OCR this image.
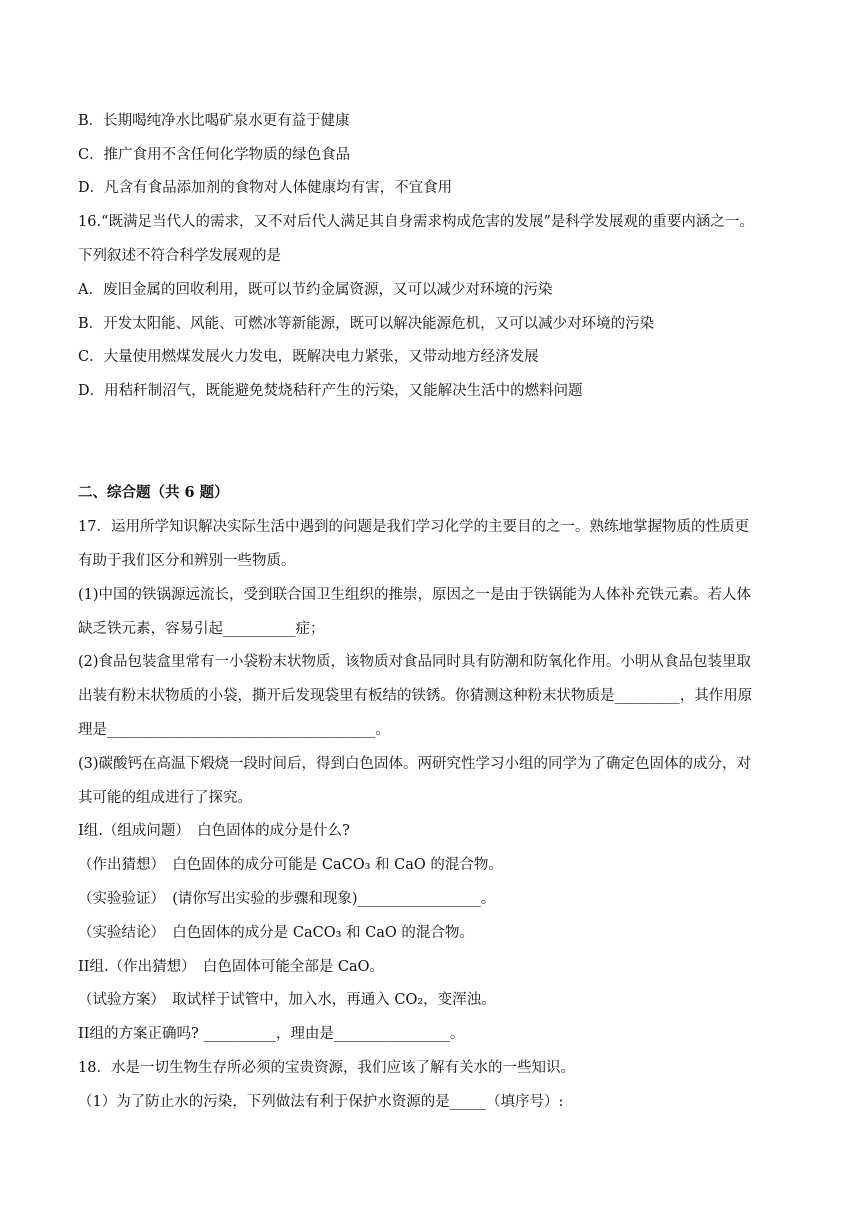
B．长期喝纯净水比喝矿泉水更有益于健康
C．推广食用不含任何化学物质的绿色食品
D．凡含有食品添加剂的食物对人体健康均有害，不宜食用
16.“既满足当代人的需求，又不对后代人满足其自身需求构成危害的发展”是科学发展观的重要内涵之一。
下列叙述不符合科学发展观的是
A．废旧金属的回收利用，既可以节约金属资源，又可以减少对环境的污染
B．开发太阳能、风能、可燃冰等新能源，既可以解决能源危机，又可以减少对环境的污染
C．大量使用燃煤发展火力发电，既解决电力紧张，又带动地方经济发展
D．用秸秆制沼气，既能避免焚烧秸秆产生的污染，又能解决生活中的燃料问题
二、综合题（共 6 题）
17．运用所学知识解决实际生活中遇到的问题是我们学习化学的主要目的之一。熟练地掌握物质的性质更
有助于我们区分和辨别一些物质。
(1)中国的铁锅源远流长，受到联合国卫生组织的推崇，原因之一是由于铁锅能为人体补充铁元素。若人体
缺乏铁元素，容易引起__________症；
(2)食品包装盒里常有一小袋粉末状物质，该物质对食品同时具有防潮和防氧化作用。小明从食品包装里取
出装有粉末状物质的小袋，撕开后发现袋里有板结的铁锈。你猜测这种粉末状物质是_________，其作用原
理是_____________________________________。
(3)碳酸钙在高温下煅烧一段时间后，得到白色固体。两研究性学习小组的同学为了确定色固体的成分，对
其可能的组成进行了探究。
I组.（组成问题）　白色固体的成分是什么?
（作出猜想）　白色固体的成分可能是 CaCO₃ 和 CaO 的混合物。
（实验验证）　(请你写出实验的步骤和现象)_________________。
（实验结论）　白色固体的成分是 CaCO₃ 和 CaO 的混合物。
II组.（作出猜想）　白色固体可能全部是 CaO。
（试验方案）　取试样于试管中，加入水，再通入 CO₂，变浑浊。
II组的方案正确吗? __________，理由是________________。
18．水是一切生物生存所必须的宝贵资源，我们应该了解有关水的一些知识。
（1）为了防止水的污染，下列做法有利于保护水资源的是_____（填序号）:
